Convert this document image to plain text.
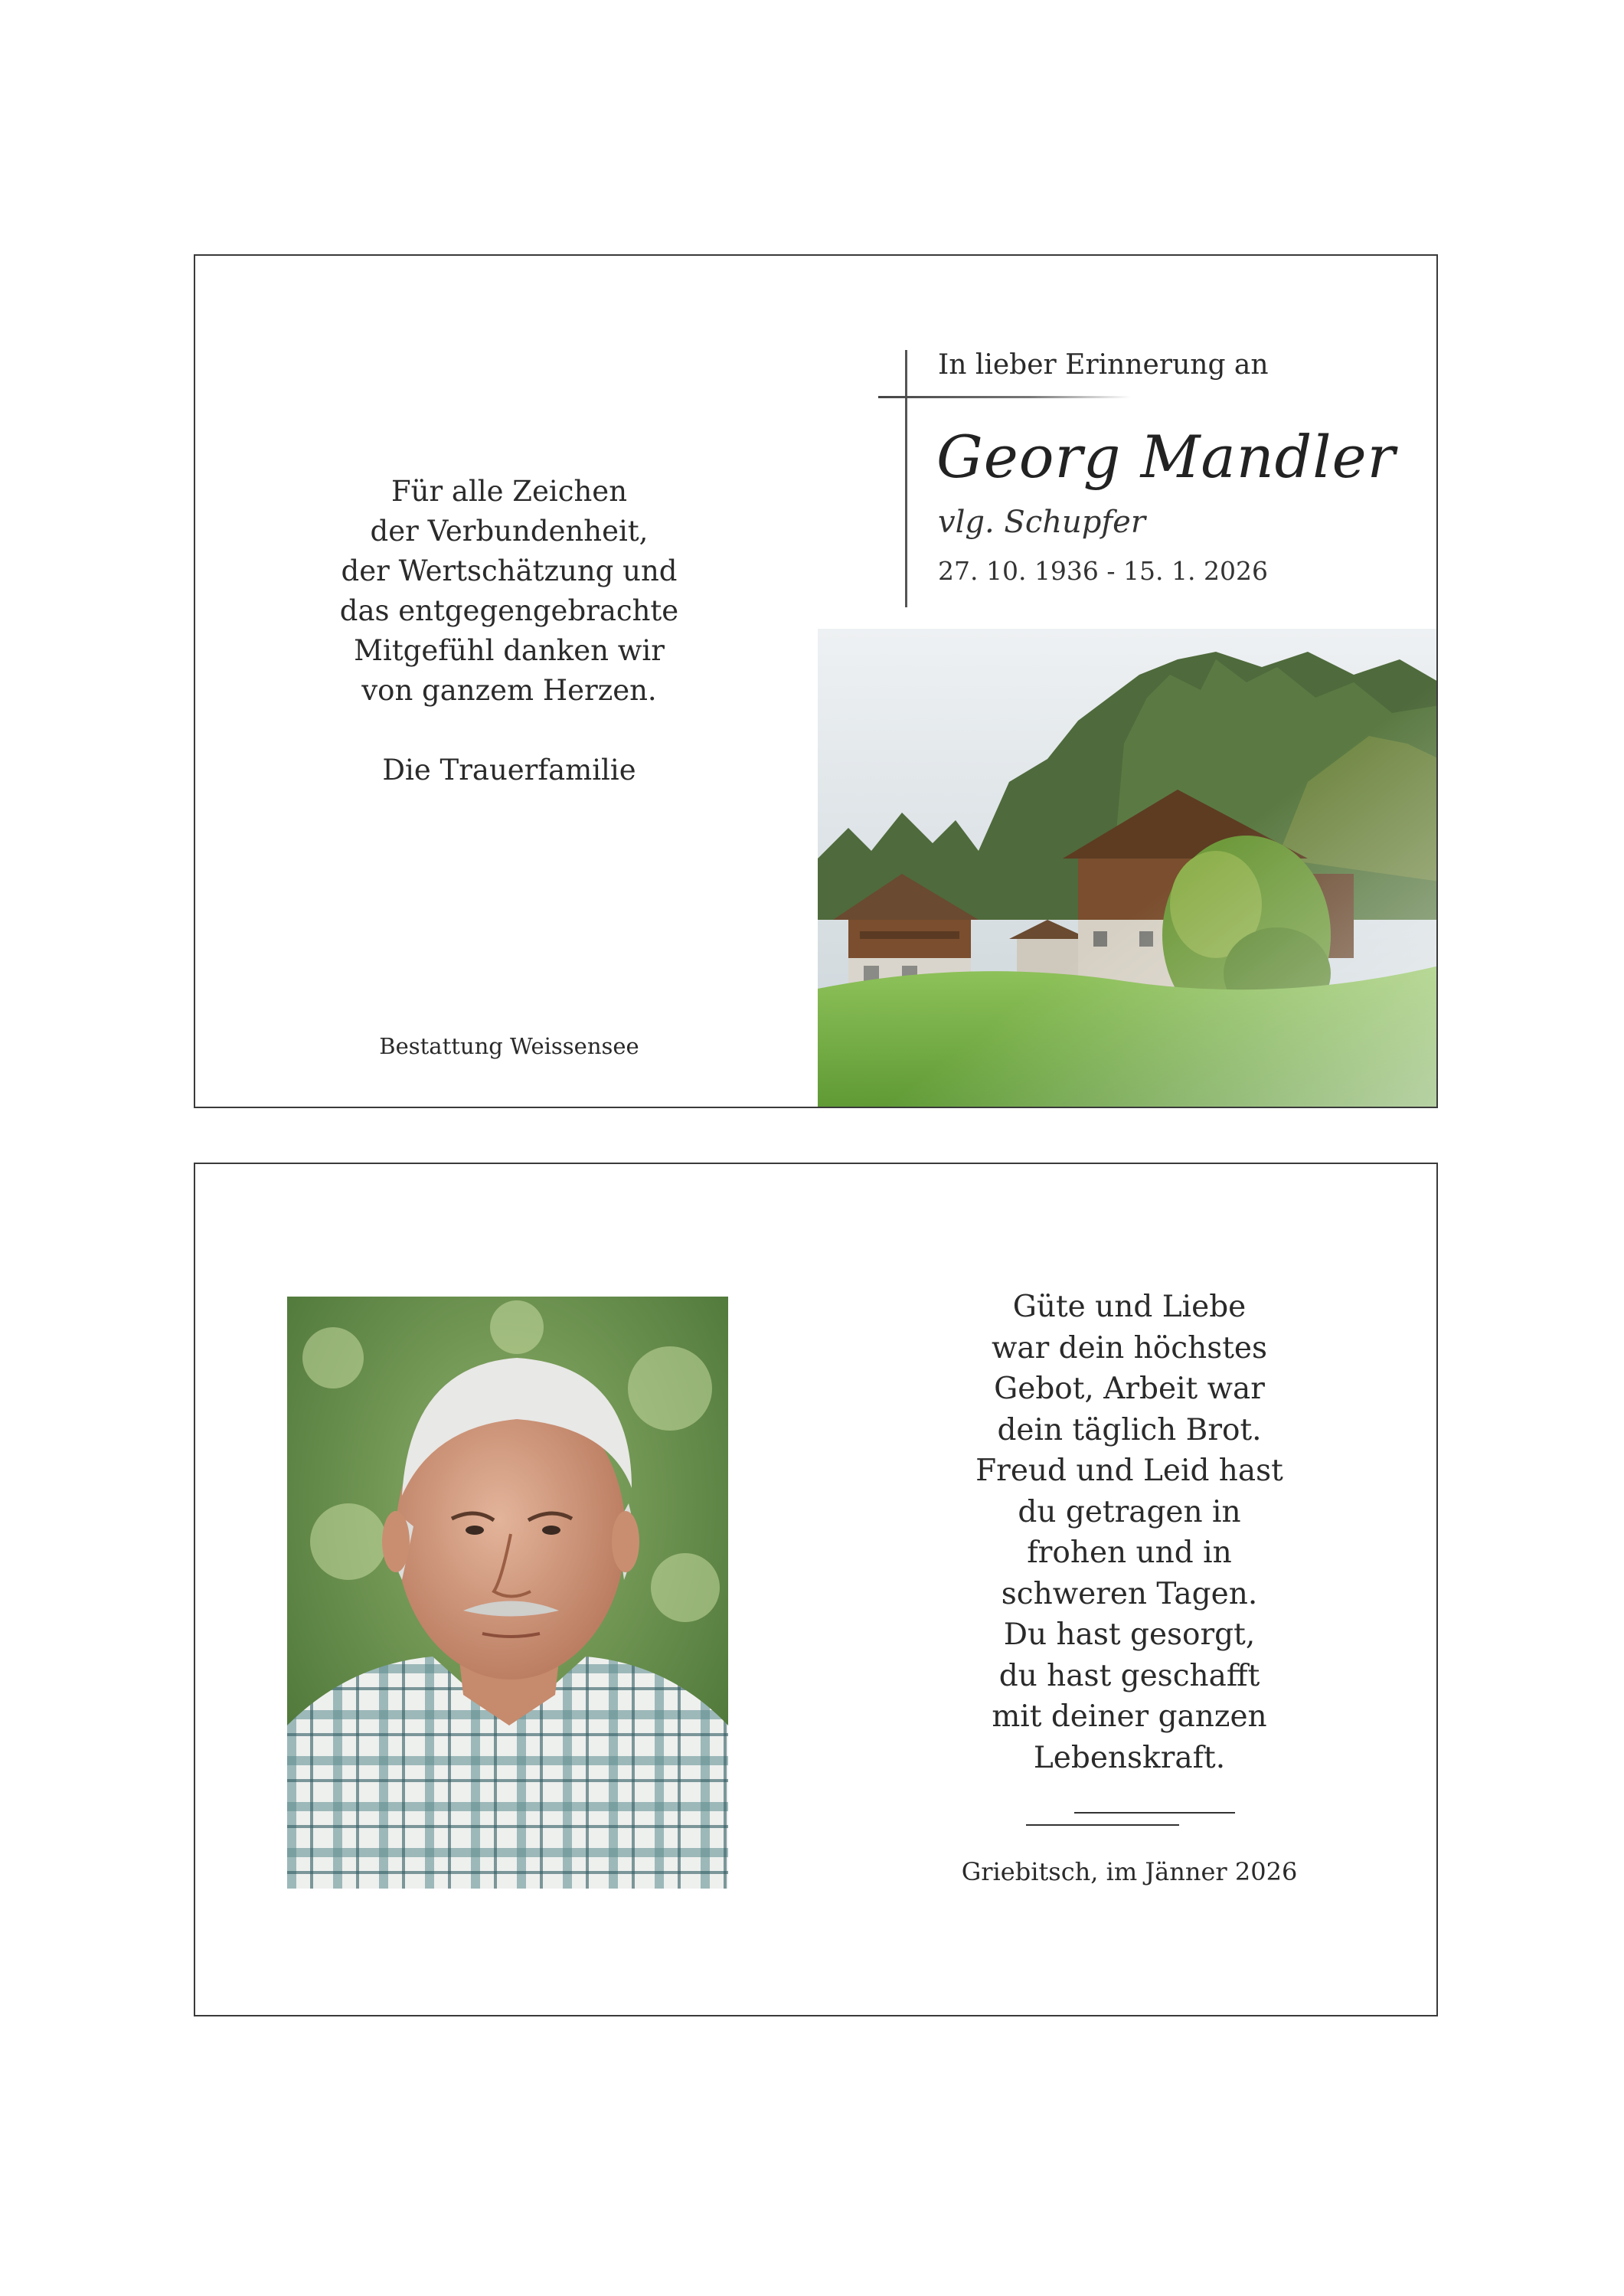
Für alle Zeichen
der Verbundenheit,
der Wertschätzung und
das entgegengebrachte
Mitgefühl danken wir
von ganzem Herzen.
Die Trauerfamilie
Bestattung Weissensee
In lieber Erinnerung an
Georg Mandler
vlg. Schupfer
27. 10. 1936 - 15. 1. 2026
Güte und Liebe
war dein höchstes
Gebot, Arbeit war
dein täglich Brot.
Freud und Leid hast
du getragen in
frohen und in
schweren Tagen.
Du hast gesorgt,
du hast geschafft
mit deiner ganzen
Lebenskraft.
Griebitsch, im Jänner 2026
